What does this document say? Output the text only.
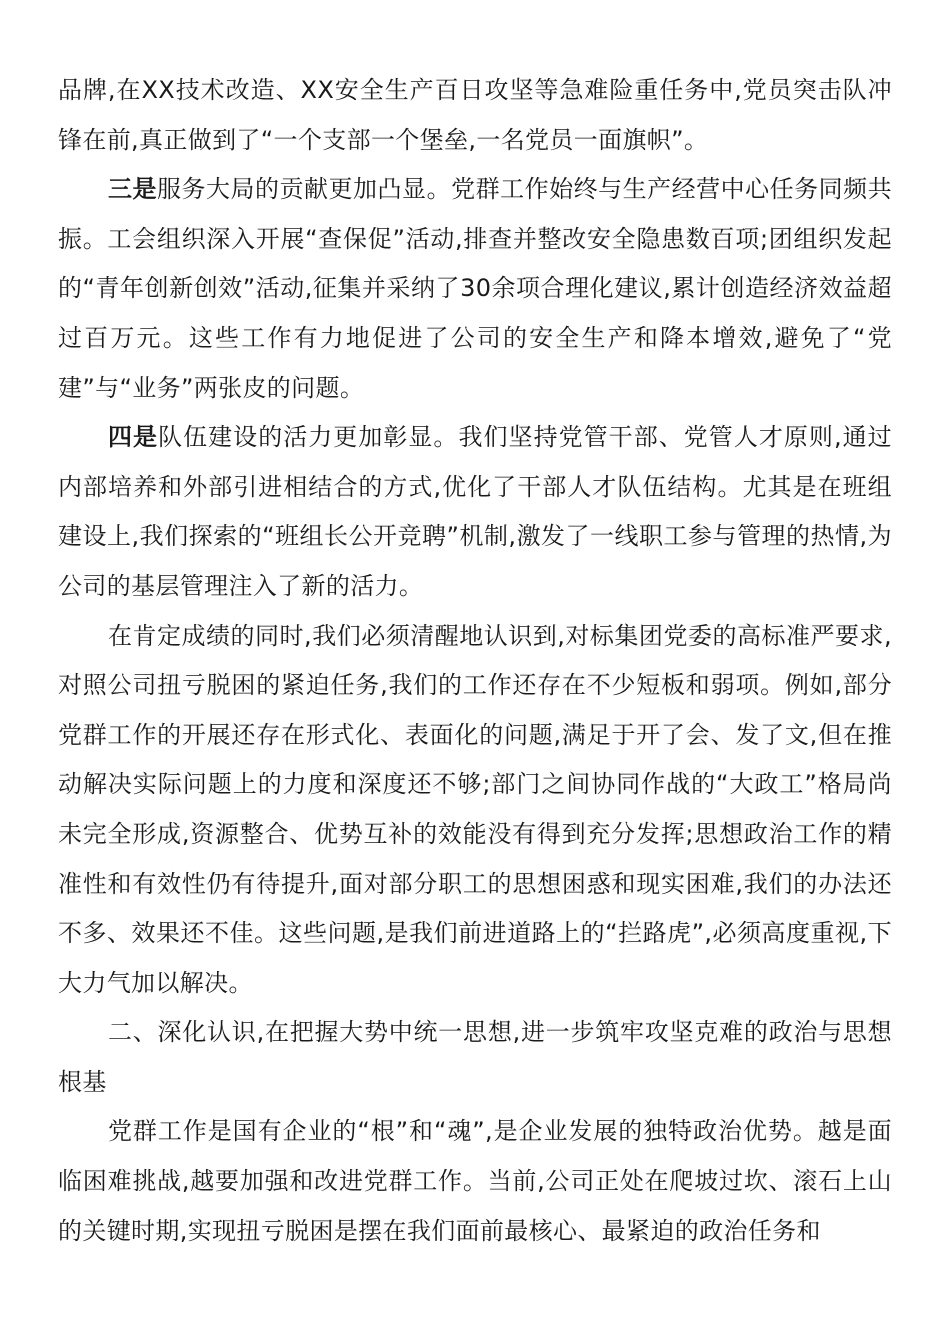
品牌,在XX技术改造、XX安全生产百日攻坚等急难险重任务中,党员突击队冲锋在前,真正做到了“一个支部一个堡垒,一名党员一面旗帜”。

三是服务大局的贡献更加凸显。党群工作始终与生产经营中心任务同频共振。工会组织深入开展“查保促”活动,排查并整改安全隐患数百项;团组织发起的“青年创新创效”活动,征集并采纳了30余项合理化建议,累计创造经济效益超过百万元。这些工作有力地促进了公司的安全生产和降本增效,避免了“党建”与“业务”两张皮的问题。

四是队伍建设的活力更加彰显。我们坚持党管干部、党管人才原则,通过内部培养和外部引进相结合的方式,优化了干部人才队伍结构。尤其是在班组建设上,我们探索的“班组长公开竞聘”机制,激发了一线职工参与管理的热情,为公司的基层管理注入了新的活力。

在肯定成绩的同时,我们必须清醒地认识到,对标集团党委的高标准严要求,对照公司扭亏脱困的紧迫任务,我们的工作还存在不少短板和弱项。例如,部分党群工作的开展还存在形式化、表面化的问题,满足于开了会、发了文,但在推动解决实际问题上的力度和深度还不够;部门之间协同作战的“大政工”格局尚未完全形成,资源整合、优势互补的效能没有得到充分发挥;思想政治工作的精准性和有效性仍有待提升,面对部分职工的思想困惑和现实困难,我们的办法还不多、效果还不佳。这些问题,是我们前进道路上的“拦路虎”,必须高度重视,下大力气加以解决。

二、深化认识,在把握大势中统一思想,进一步筑牢攻坚克难的政治与思想根基

党群工作是国有企业的“根”和“魂”,是企业发展的独特政治优势。越是面临困难挑战,越要加强和改进党群工作。当前,公司正处在爬坡过坎、滚石上山的关键时期,实现扭亏脱困是摆在我们面前最核心、最紧迫的政治任务和
